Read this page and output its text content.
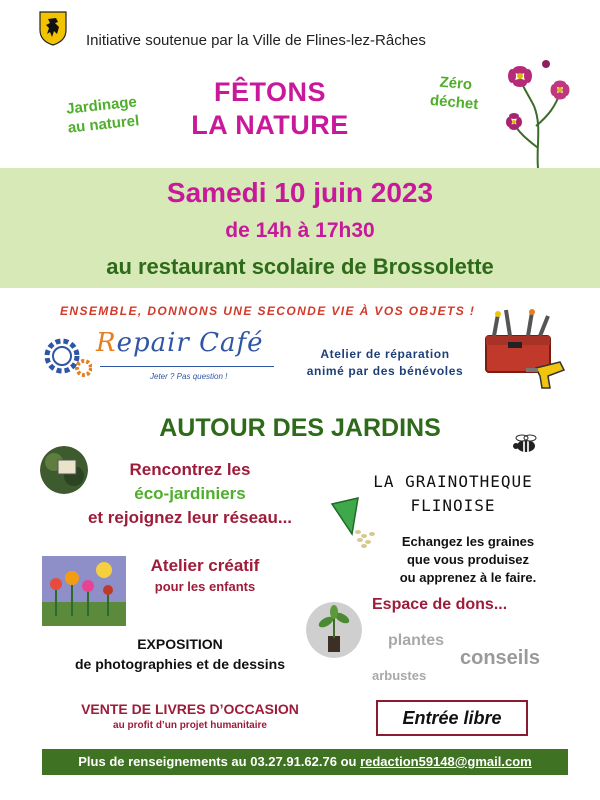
Initiative soutenue par la Ville de Flines-lez-Râches
Jardinage
au naturel
FÊTONS
LA NATURE
Zéro
déchet
Samedi 10 juin 2023
de 14h à 17h30
au restaurant scolaire de Brossolette
ENSEMBLE, DONNONS UNE SECONDE VIE À VOS OBJETS !
Repair Café
Jeter ? Pas question !
Atelier de réparation
animé par des bénévoles
AUTOUR DES JARDINS
Rencontrez les
éco-jardiniers
et rejoignez leur réseau...
LA GRAINOTHEQUE
FLINOISE
Echangez les graines
que vous produisez
ou apprenez à le faire.
Atelier créatif
pour les enfants
Espace de dons...
plantes
conseils
arbustes
EXPOSITION
de photographies et de dessins
VENTE DE LIVRES D’OCCASION
au profit d’un projet humanitaire	Entrée libre
Plus de renseignements au 03.27.91.62.76 ou redaction59148@gmail.com
